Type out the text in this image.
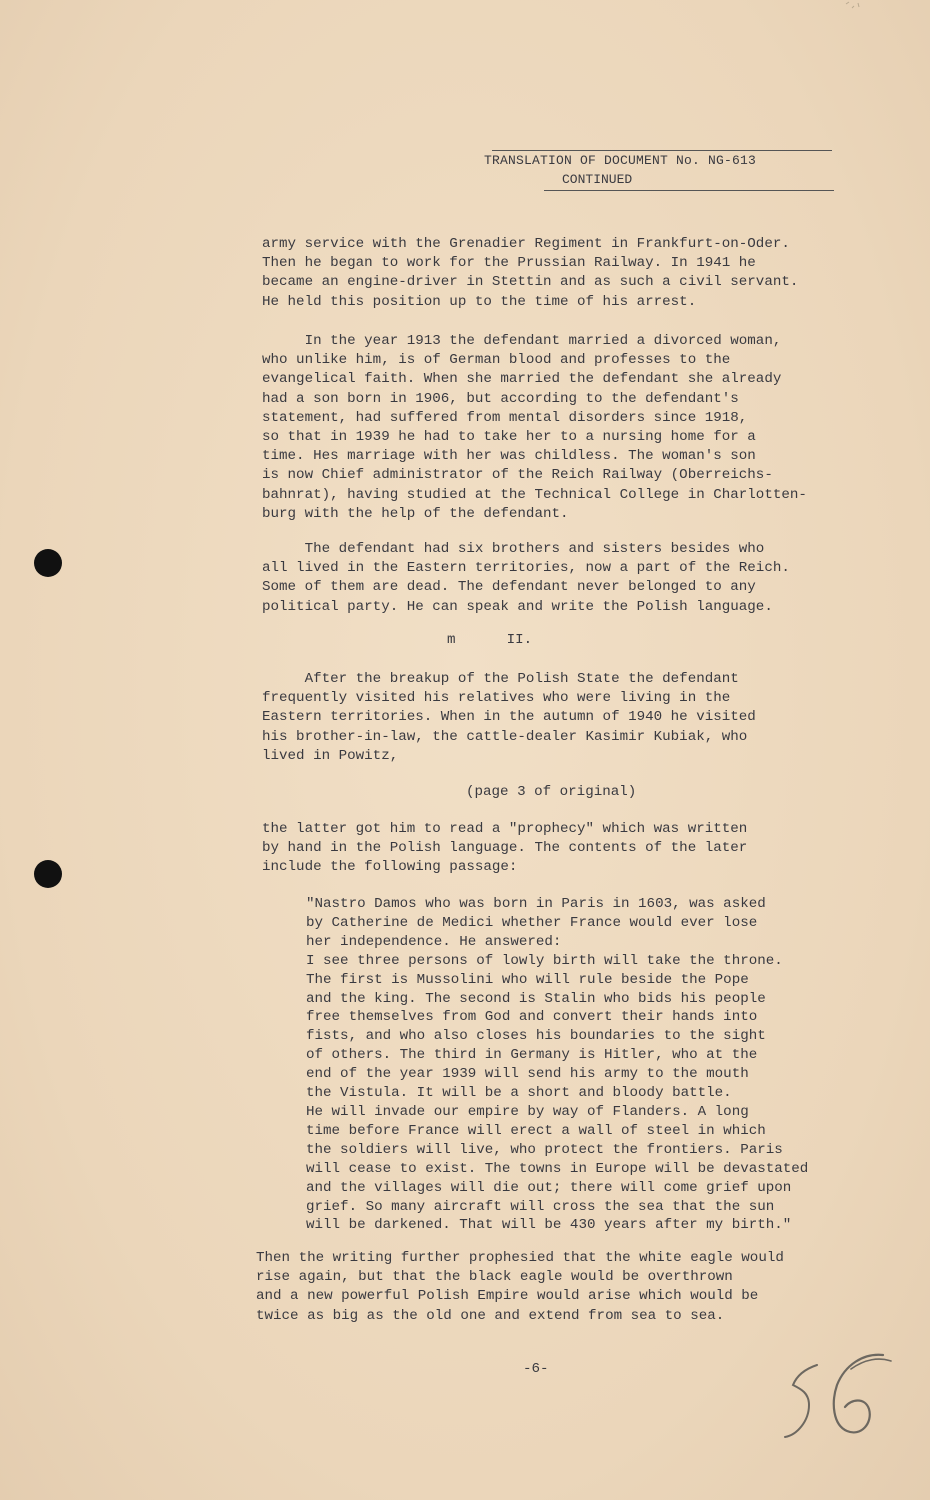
TRANSLATION OF DOCUMENT No. NG-613
CONTINUED
army service with the Grenadier Regiment in Frankfurt-on-Oder.
Then he began to work for the Prussian Railway. In 1941 he
became an engine-driver in Stettin and as such a civil servant.
He held this position up to the time of his arrest.
In the year 1913 the defendant married a divorced woman,
who unlike him, is of German blood and professes to the
evangelical faith. When she married the defendant she already
had a son born in 1906, but according to the defendant's
statement, had suffered from mental disorders since 1918,
so that in 1939 he had to take her to a nursing home for a
time. Hes marriage with her was childless. The woman's son
is now Chief administrator of the Reich Railway (Oberreichs-
bahnrat), having studied at the Technical College in Charlotten-
burg with the help of the defendant.
The defendant had six brothers and sisters besides who
all lived in the Eastern territories, now a part of the Reich.
Some of them are dead. The defendant never belonged to any
political party. He can speak and write the Polish language.
m      II.
After the breakup of the Polish State the defendant
frequently visited his relatives who were living in the
Eastern territories. When in the autumn of 1940 he visited
his brother-in-law, the cattle-dealer Kasimir Kubiak, who
lived in Powitz,
(page 3 of original)
the latter got him to read a "prophecy" which was written
by hand in the Polish language. The contents of the later
include the following passage:
"Nastro Damos who was born in Paris in 1603, was asked
by Catherine de Medici whether France would ever lose
her independence. He answered:
I see three persons of lowly birth will take the throne.
The first is Mussolini who will rule beside the Pope
and the king. The second is Stalin who bids his people
free themselves from God and convert their hands into
fists, and who also closes his boundaries to the sight
of others. The third in Germany is Hitler, who at the
end of the year 1939 will send his army to the mouth
the Vistula. It will be a short and bloody battle.
He will invade our empire by way of Flanders. A long
time before France will erect a wall of steel in which
the soldiers will live, who protect the frontiers. Paris
will cease to exist. The towns in Europe will be devastated
and the villages will die out; there will come grief upon
grief. So many aircraft will cross the sea that the sun
will be darkened. That will be 430 years after my birth."
Then the writing further prophesied that the white eagle would
rise again, but that the black eagle would be overthrown
and a new powerful Polish Empire would arise which would be
twice as big as the old one and extend from sea to sea.
-6-
